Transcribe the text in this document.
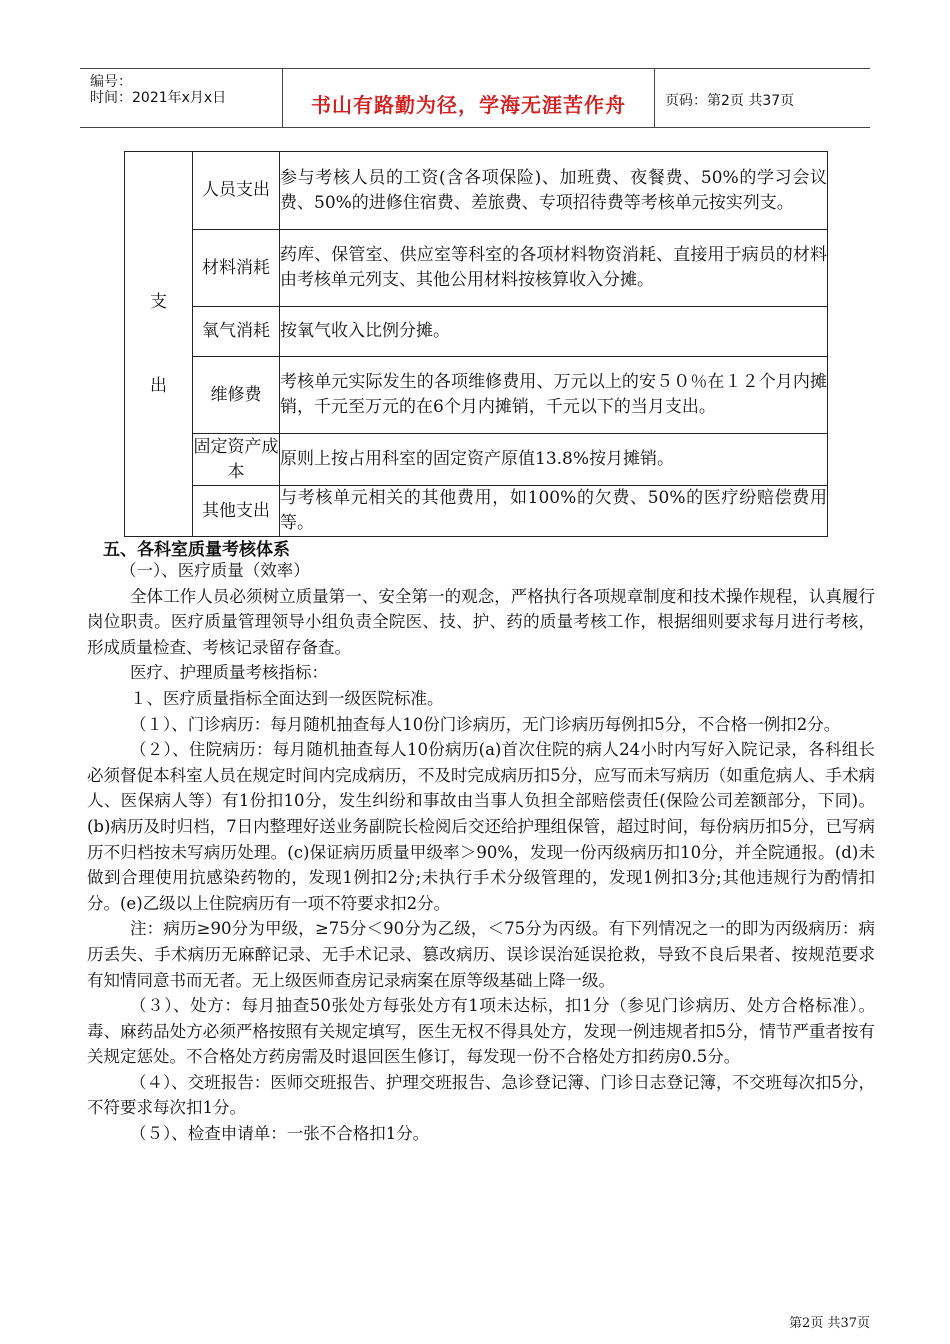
编号：
时间：2021年x月x日	书山有路勤为径，学海无涯苦作舟	页码：第2页 共37页
支
出	人员支出	参与考核人员的工资(含各项保险)、加班费、夜餐费、50%的学习会议费、50%的进修住宿费、差旅费、专项招待费等考核单元按实列支。
	材料消耗	药库、保管室、供应室等科室的各项材料物资消耗、直接用于病员的材料由考核单元列支、其他公用材料按核算收入分摊。
	氧气消耗	按氧气收入比例分摊。
	维修费	考核单元实际发生的各项维修费用、万元以上的安５０％在１２个月内摊销，千元至万元的在6个月内摊销，千元以下的当月支出。
	固定资产成本	原则上按占用科室的固定资产原值13.8%按月摊销。
	其他支出	与考核单元相关的其他费用，如100%的欠费、50%的医疗纷赔偿费用等。
五、各科室质量考核体系

（一）、医疗质量（效率）

全体工作人员必须树立质量第一、安全第一的观念，严格执行各项规章制度和技术操作规程，认真履行岗位职责。医疗质量管理领导小组负责全院医、技、护、药的质量考核工作，根据细则要求每月进行考核，形成质量检查、考核记录留存备查。

医疗、护理质量考核指标：

１、医疗质量指标全面达到一级医院标准。

（１）、门诊病历：每月随机抽查每人10份门诊病历，无门诊病历每例扣5分，不合格一例扣2分。

（２）、住院病历：每月随机抽查每人10份病历(a)首次住院的病人24小时内写好入院记录，各科组长必须督促本科室人员在规定时间内完成病历，不及时完成病历扣5分，应写而未写病历（如重危病人、手术病人、医保病人等）有1份扣10分，发生纠纷和事故由当事人负担全部赔偿责任(保险公司差额部分，下同)。(b)病历及时归档，7日内整理好送业务副院长检阅后交还给护理组保管，超过时间，每份病历扣5分，已写病历不归档按未写病历处理。(c)保证病历质量甲级率＞90%，发现一份丙级病历扣10分，并全院通报。(d)未做到合理使用抗感染药物的，发现1例扣2分;未执行手术分级管理的，发现1例扣3分;其他违规行为酌情扣分。(e)乙级以上住院病历有一项不符要求扣2分。

注：病历≥90分为甲级，≥75分＜90分为乙级，＜75分为丙级。有下列情况之一的即为丙级病历：病历丢失、手术病历无麻醉记录、无手术记录、篡改病历、误诊误治延误抢救，导致不良后果者、按规范要求有知情同意书而无者。无上级医师查房记录病案在原等级基础上降一级。

（３）、处方：每月抽查50张处方每张处方有1项未达标，扣1分（参见门诊病历、处方合格标准）。毒、麻药品处方必须严格按照有关规定填写，医生无权不得具处方，发现一例违规者扣5分，情节严重者按有关规定惩处。不合格处方药房需及时退回医生修订，每发现一份不合格处方扣药房0.5分。

（４）、交班报告：医师交班报告、护理交班报告、急诊登记簿、门诊日志登记簿，不交班每次扣5分，不符要求每次扣1分。

（５）、检查申请单：一张不合格扣1分。

第2页 共37页
